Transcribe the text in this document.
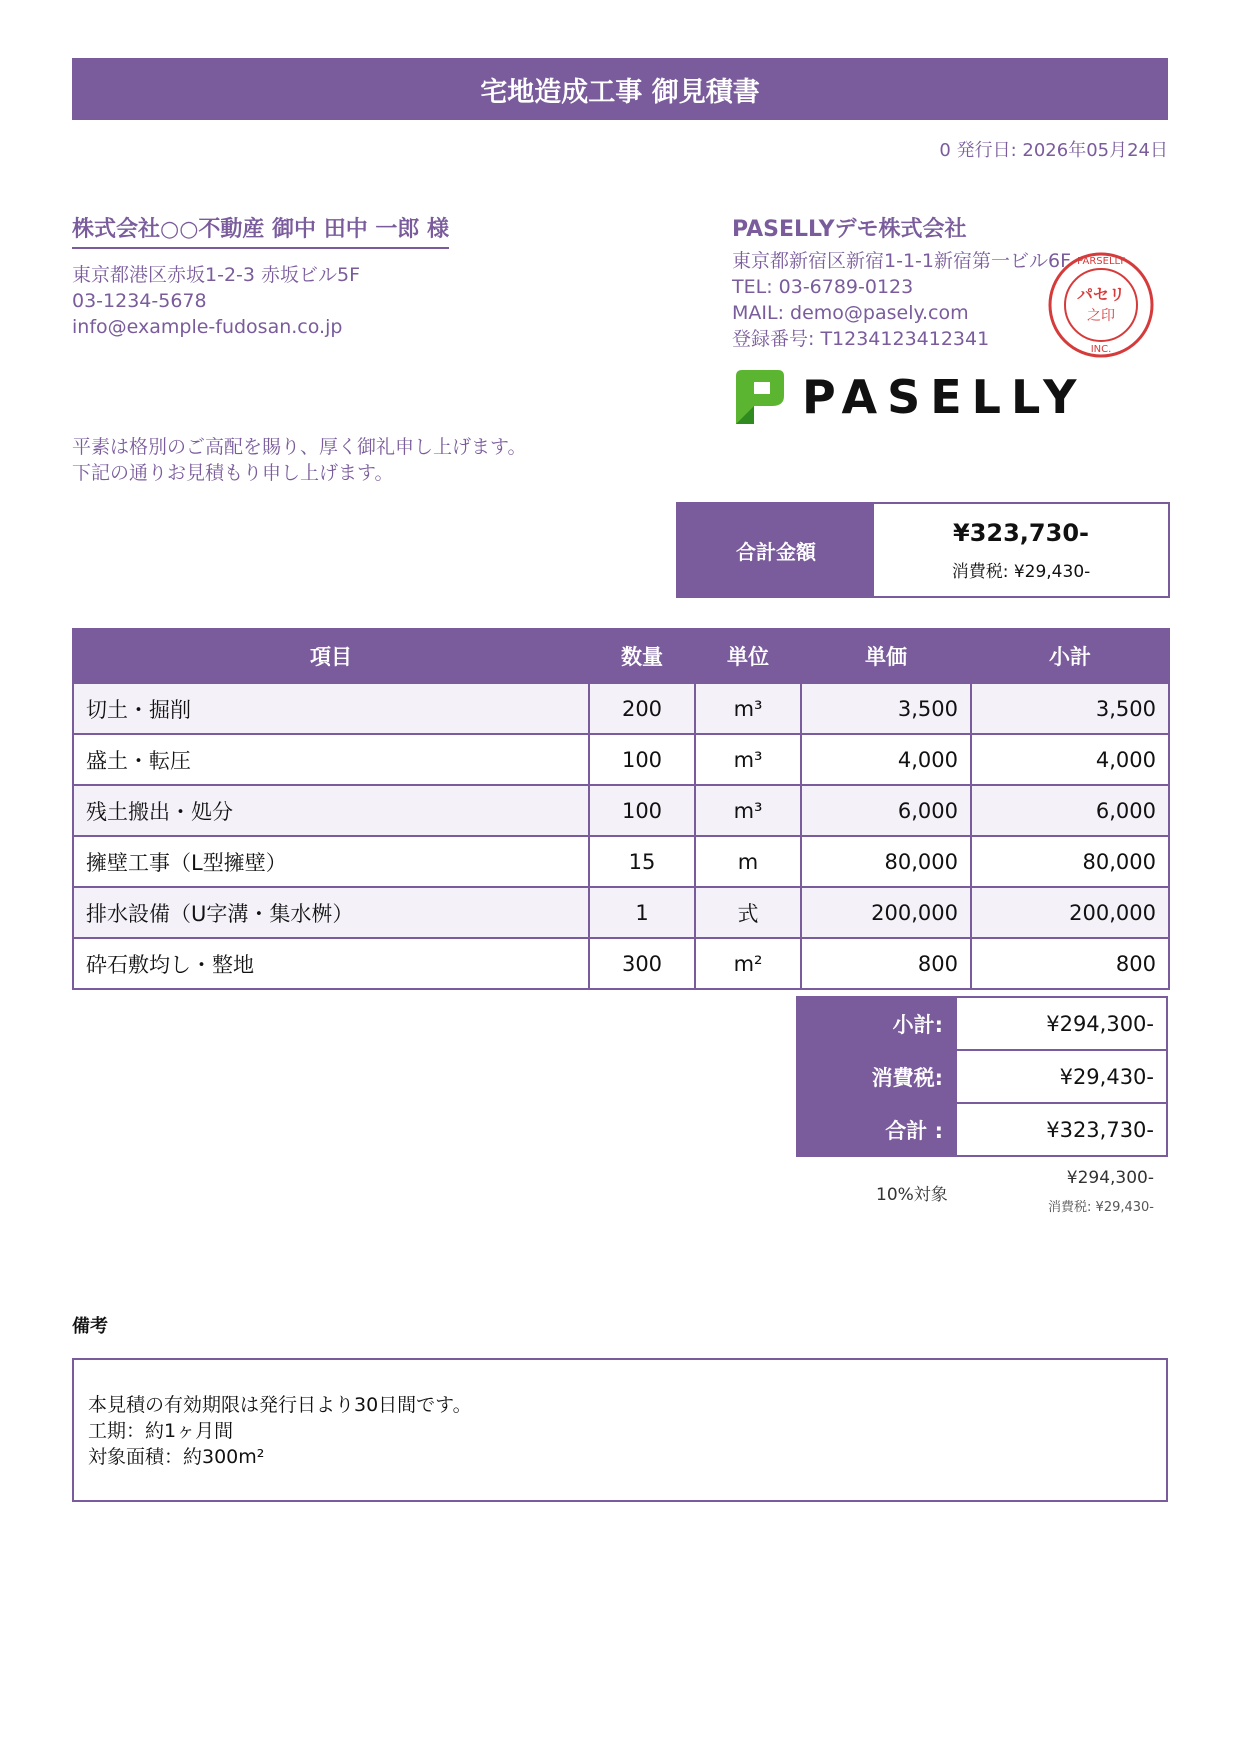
宅地造成工事 御見積書
0 発行日: 2026年05月24日
株式会社○○不動産 御中 田中 一郎 様
東京都港区赤坂1-2-3 赤坂ビル5F
03-1234-5678
info@example-fudosan.co.jp
PASELLYデモ株式会社
東京都新宿区新宿1-1-1新宿第一ビル6F
TEL: 03-6789-0123
MAIL: demo@pasely.com
登録番号: T1234123412341
パセリ
之印
PARSELLY
INC.
PASELLY
平素は格別のご高配を賜り、厚く御礼申し上げます。
下記の通りお見積もり申し上げます。
合計金額
¥323,730-
消費税: ¥29,430-
項目	数量	単位	単価	小計
切土・掘削	200	m³	3,500	3,500
盛土・転圧	100	m³	4,000	4,000
残土搬出・処分	100	m³	6,000	6,000
擁壁工事（L型擁壁）	15	m	80,000	80,000
排水設備（U字溝・集水桝）	1	式	200,000	200,000
砕石敷均し・整地	300	m²	800	800
小計:	¥294,300-
消費税:	¥29,430-
合計 :	¥323,730-
10%対象
¥294,300-
消費税: ¥29,430-
備考
本見積の有効期限は発行日より30日間です。
工期：約1ヶ月間
対象面積：約300m²
